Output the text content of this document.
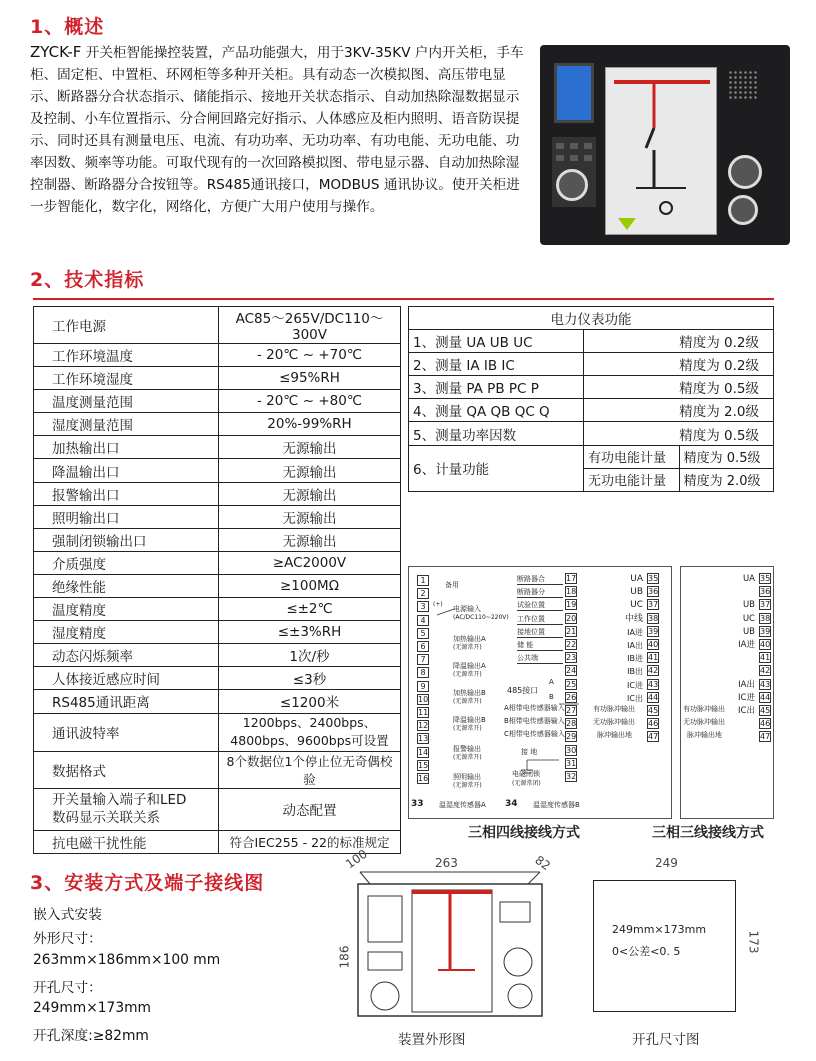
1、概述
ZYCK-F 开关柜智能操控装置，产品功能强大，用于3KV-35KV 户内开关柜，手车柜、固定柜、中置柜、环网柜等多种开关柜。具有动态一次模拟图、高压带电显示、断路器分合状态指示、储能指示、接地开关状态指示、自动加热除湿数据显示及控制、小车位置指示、分合闸回路完好指示、人体感应及柜内照明、语音防误提示、同时还具有测量电压、电流、有功功率、无功功率、有功电能、无功电能、功率因数、频率等功能。可取代现有的一次回路模拟图、带电显示器、自动加热除湿控制器、断路器分合按钮等。RS485通讯接口，MODBUS 通讯协议。使开关柜进一步智能化，数字化，网络化，方便广大用户使用与操作。
2、技术指标
工作电源	AC85～265V/DC110～300V
工作环境温度	- 20℃ ~ +70℃
工作环境湿度	≤95%RH
温度测量范围	- 20℃ ~ +80℃
湿度测量范围	20%-99%RH
加热输出口	无源输出
降温输出口	无源输出
报警输出口	无源输出
照明输出口	无源输出
强制闭锁输出口	无源输出
介质强度	≥AC2000V
绝缘性能	≥100MΩ
温度精度	≤±2℃
湿度精度	≤±3%RH
动态闪烁频率	1次/秒
人体接近感应时间	≤3秒
RS485通讯距离	≤1200米
通讯波特率	1200bps、2400bps、
4800bps、9600bps可设置
数据格式	8个数据位1个停止位无奇偶校验
开关量输入端子和LED
数码显示关联关系	动态配置
抗电磁干扰性能	符合IEC255 - 22的标准规定
电力仪表功能		
1、测量 UA UB UC	精度为 0.2级	
2、测量 IA IB IC	精度为 0.2级	
3、测量 PA PB PC P	精度为 0.5级	
4、测量 QA QB QC Q	精度为 2.0级	
5、测量功率因数	精度为 0.5级	
6、计量功能	有功电能计量	精度为 0.5级
	无功电能计量	精度为 2.0级
1
2
3
4
5
6
7
8
9
10
11
12
13
14
15
16
备用
(+)
电源输入
(AC/DC110~220V)
加热输出A
(无源常开)
降温输出A
(无源常开)
加热输出B
(无源常开)
降温输出B
(无源常开)
报警输出
(无源常开)
照明输出
(无源常开)
17
18
19
20
21
22
23
24
25
26
27
28
29
30
31
32
断路器合
断路器分
试验位置
工作位置
接地位置
储 能
公共端
35
36
37
38
39
40
41
42
43
44
45
46
47
UA
UB
UC
中线
IA进
IA出
IB进
IB出
IC进
IC出
485接口
A
B
A相带电传感器输入
B相带电传感器输入
C相带电传感器输入
接 地
电磁闭锁
(无源常闭)
有功脉冲输出
无功脉冲输出
脉冲输出地
33 温湿度传感器A 34 温湿度传感器B
35
36
37
38
39
40
41
42
43
44
45
46
47
UA
UB
UC
UB
IA进
IA出
IC进
IC出
有功脉冲输出
无功脉冲输出
脉冲输出地
三相四线接线方式	三相三线接线方式
3、安装方式及端子接线图
嵌入式安装
外形尺寸：
263mm×186mm×100 mm
开孔尺寸：
249mm×173mm
开孔深度:≥82mm
263
100	82
186
装置外形图
249
173
249mm×173mm
0<公差<0. 5
开孔尺寸图
